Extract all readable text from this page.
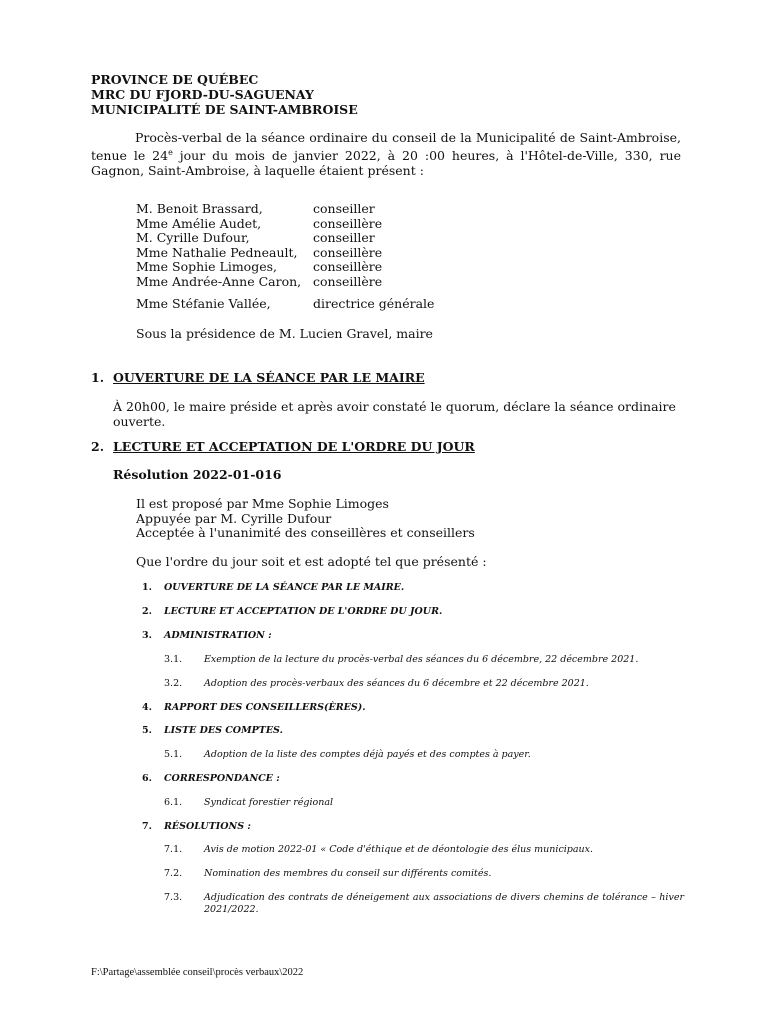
PROVINCE DE QUÉBEC
MRC DU FJORD-DU-SAGUENAY
MUNICIPALITÉ DE SAINT-AMBROISE
Procès-verbal de la séance ordinaire du conseil de la Municipalité de Saint-Ambroise, tenue le 24e jour du mois de janvier 2022, à 20 :00 heures, à l'Hôtel-de-Ville, 330, rue Gagnon, Saint-Ambroise, à laquelle étaient présent :
M. Benoit Brassard,	conseiller
Mme Amélie Audet,	conseillère
M. Cyrille Dufour,	conseiller
Mme Nathalie Pedneault, conseillère
Mme Sophie Limoges,	conseillère
Mme Andrée-Anne Caron, conseillère
Mme Stéfanie Vallée,	directrice générale
Sous la présidence de M. Lucien Gravel, maire
1. OUVERTURE DE LA SÉANCE PAR LE MAIRE
À 20h00, le maire préside et après avoir constaté le quorum, déclare la séance ordinaire ouverte.
2. LECTURE ET ACCEPTATION DE L'ORDRE DU JOUR
Résolution 2022-01-016
Il est proposé par Mme Sophie Limoges
Appuyée par M. Cyrille Dufour
Acceptée à l'unanimité des conseillères et conseillers
Que l'ordre du jour soit et est adopté tel que présenté :
1. OUVERTURE DE LA SÉANCE PAR LE MAIRE.
2. LECTURE ET ACCEPTATION DE L'ORDRE DU JOUR.
3. ADMINISTRATION :
3.1. Exemption de la lecture du procès-verbal des séances du 6 décembre, 22 décembre 2021.
3.2. Adoption des procès-verbaux des séances du 6 décembre et 22 décembre 2021.
4. RAPPORT DES CONSEILLERS(ÈRES).
5. LISTE DES COMPTES.
5.1. Adoption de la liste des comptes déjà payés et des comptes à payer.
6. CORRESPONDANCE :
6.1. Syndicat forestier régional
7. RÉSOLUTIONS :
7.1. Avis de motion 2022-01 « Code d'éthique et de déontologie des élus municipaux.
7.2. Nomination des membres du conseil sur différents comités.
7.3. Adjudication des contrats de déneigement aux associations de divers chemins de tolérance – hiver 2021/2022.
F:\Partage\assemblée conseil\procès verbaux\2022
